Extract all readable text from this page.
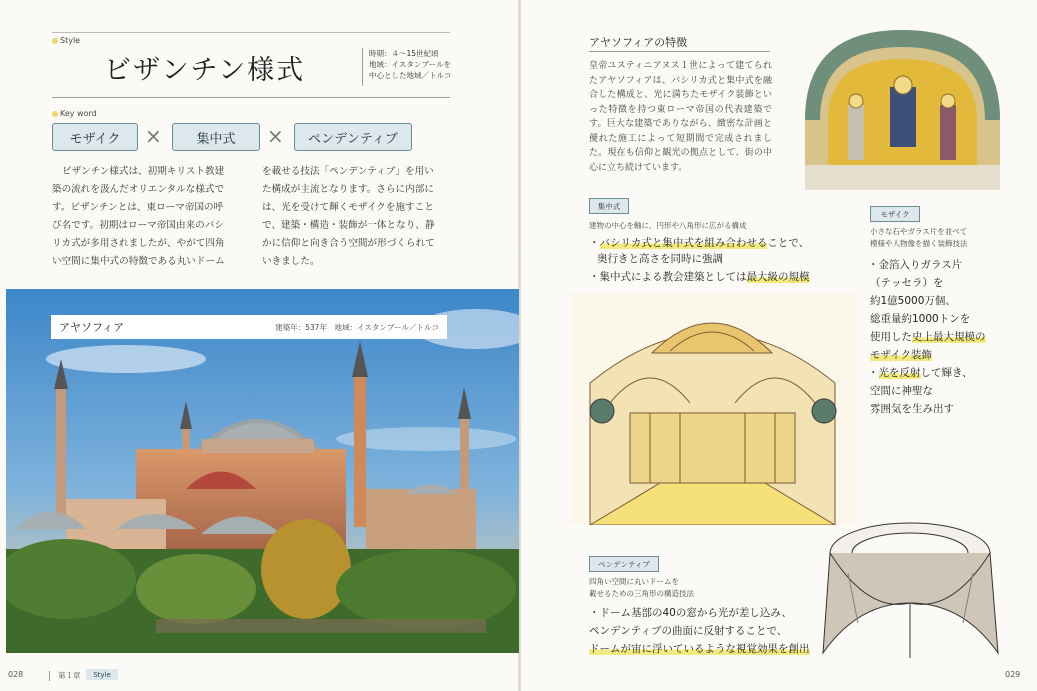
Style
ビザンチン様式
時期：４～15世紀頃
地域：イスタンブールを
中心とした地域／トルコ
Key word
モザイク	×	集中式	×	ペンデンティブ
ビザンチン様式は、初期キリスト教建
築の流れを汲んだオリエンタルな様式で
す。ビザンチンとは、東ローマ帝国の呼
び名です。初期はローマ帝国由来のバシ
リカ式が多用されましたが、やがて四角
い空間に集中式の特徴である丸いドーム
を載せる技法「ペンデンティブ」を用い
た構成が主流となります。さらに内部に
は、光を受けて輝くモザイクを施すこと
で、建築・構造・装飾が一体となり、静
かに信仰と向き合う空間が形づくられて
いきました。
アヤソフィア	建築年：537年　地域：イスタンブール／トルコ
028	第１章	Style
アヤソフィアの特徴
皇帝ユスティニアヌス１世によって建てられたアヤソフィアは、バシリカ式と集中式を融合した構成と、光に満ちたモザイク装飾といった特徴を持つ東ローマ帝国の代表建築です。巨大な建築でありながら、緻密な計画と優れた施工によって短期間で完成されました。現在も信仰と観光の拠点として、街の中心に立ち続けています。
集中式
建物の中心を軸に、円形や八角形に広がる構成
・バシリカ式と集中式を組み合わせることで、
奥行きと高さを同時に強調
・集中式による教会建築としては最大級の規模
モザイク
小さな石やガラス片を並べて
模様や人物像を描く装飾技法
・金箔入りガラス片
（テッセラ）を
約1億5000万個、
総重量約1000トンを
使用した史上最大規模の
モザイク装飾
・光を反射して輝き、
空間に神聖な
雰囲気を生み出す
ペンデンティブ
四角い空間に丸いドームを
載せるための三角形の構造技法
・ドーム基部の40の窓から光が差し込み、
ペンデンティブの曲面に反射することで、
ドームが宙に浮いているような視覚効果を創出
029
